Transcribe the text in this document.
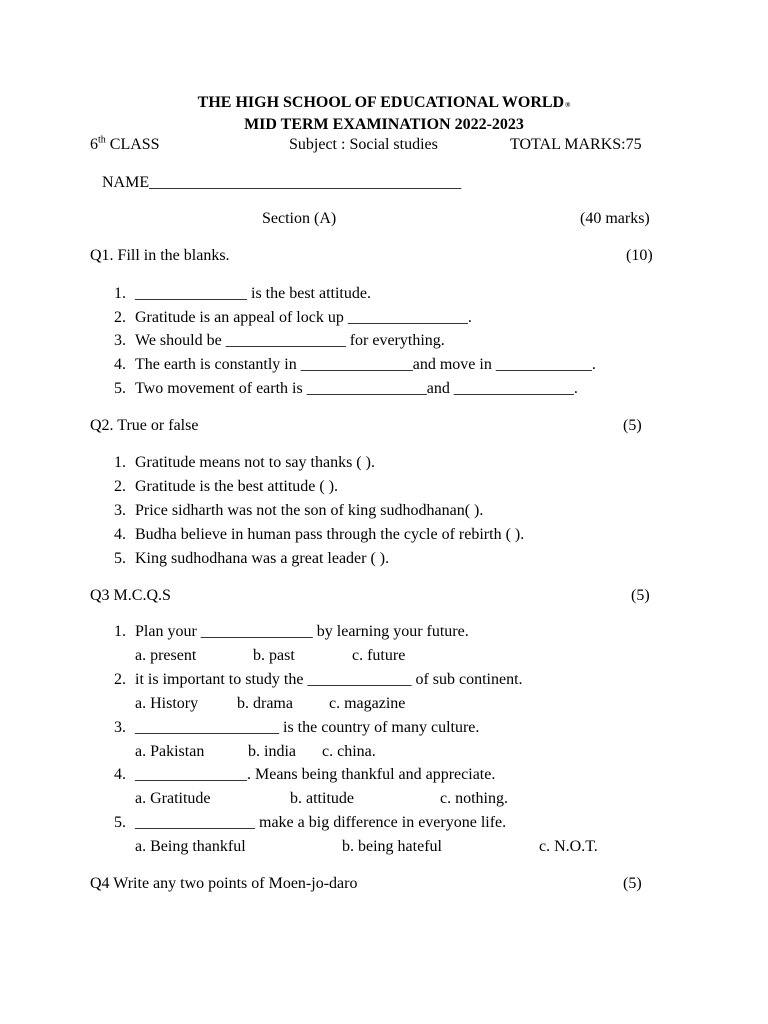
THE HIGH SCHOOL OF EDUCATIONAL WORLD®
MID TERM EXAMINATION 2022-2023
6th CLASS	Subject : Social studies	TOTAL MARKS:75
NAME_______________________________________
Section (A)	(40 marks)
Q1. Fill in the blanks.	(10)
1. ______________ is the best attitude.
2. Gratitude is an appeal of lock up _______________.
3. We should be _______________ for everything.
4. The earth is constantly in ______________and move in ____________.
5. Two movement of earth is _______________and _______________.
Q2. True or false	(5)
1. Gratitude means not to say thanks ( ).
2. Gratitude is the best attitude ( ).
3. Price sidharth was not the son of king sudhodhanan( ).
4. Budha believe in human pass through the cycle of rebirth ( ).
5. King sudhodhana was a great leader ( ).
Q3 M.C.Q.S	(5)
1. Plan your ______________ by learning your future.
a. present	b. past	c. future
2. it is important to study the _____________ of sub continent.
a. History b. drama c. magazine
3. __________________ is the country of many culture.
a. Pakistan	b. india c. china.
4. ______________. Means being thankful and appreciate.
a. Gratitude	b. attitude	c. nothing.
5. _______________ make a big difference in everyone life.
a. Being thankful	b. being hateful	c. N.O.T.
Q4 Write any two points of Moen-jo-daro	(5)
